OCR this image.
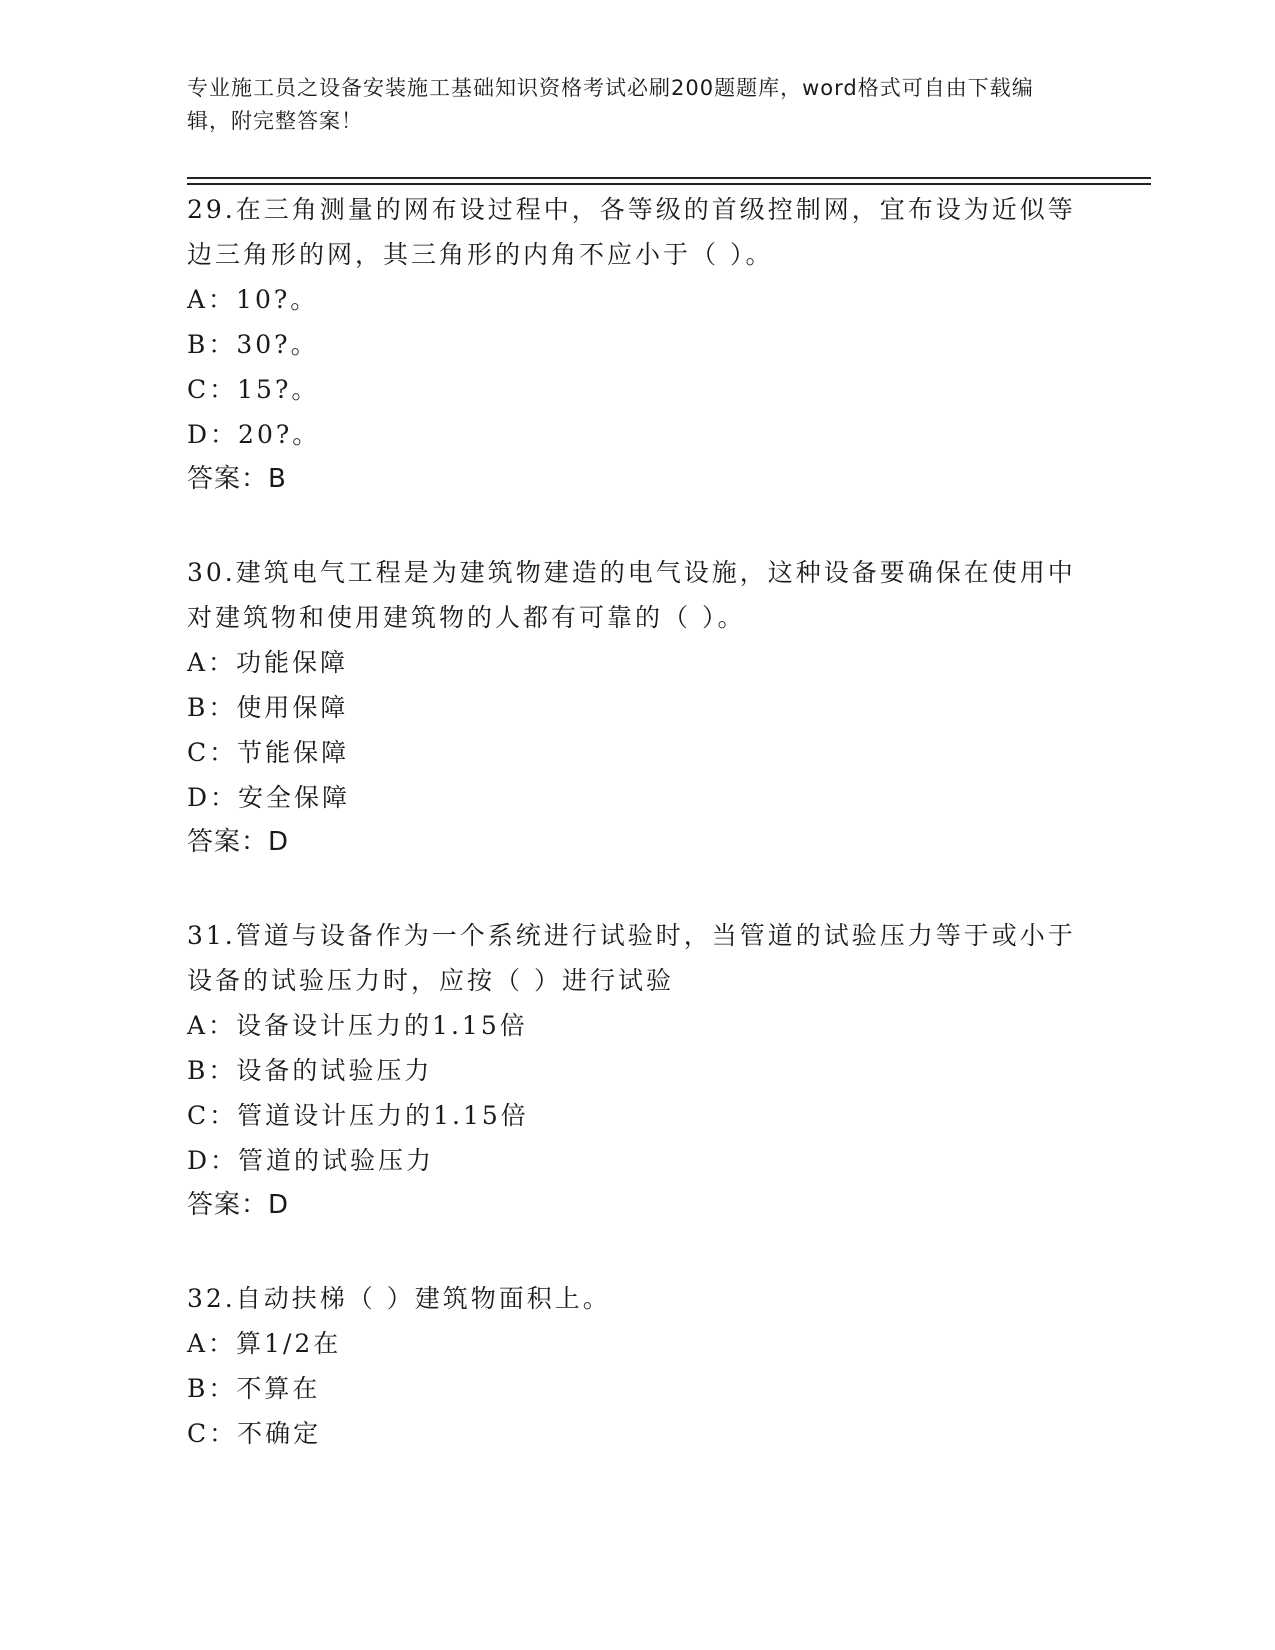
专业施工员之设备安装施工基础知识资格考试必刷200题题库，word格式可自由下载编辑，附完整答案！
29.在三角测量的网布设过程中，各等级的首级控制网，宜布设为近似等边三角形的网，其三角形的内角不应小于（ ）。
A：10?。
B：30?。
C：15?。
D：20?。
答案：B
30.建筑电气工程是为建筑物建造的电气设施，这种设备要确保在使用中对建筑物和使用建筑物的人都有可靠的（ ）。
A：功能保障
B：使用保障
C：节能保障
D：安全保障
答案：D
31.管道与设备作为一个系统进行试验时，当管道的试验压力等于或小于设备的试验压力时，应按（ ）进行试验
A：设备设计压力的1.15倍
B：设备的试验压力
C：管道设计压力的1.15倍
D：管道的试验压力
答案：D
32.自动扶梯（ ）建筑物面积上。
A：算1/2在
B：不算在
C：不确定
